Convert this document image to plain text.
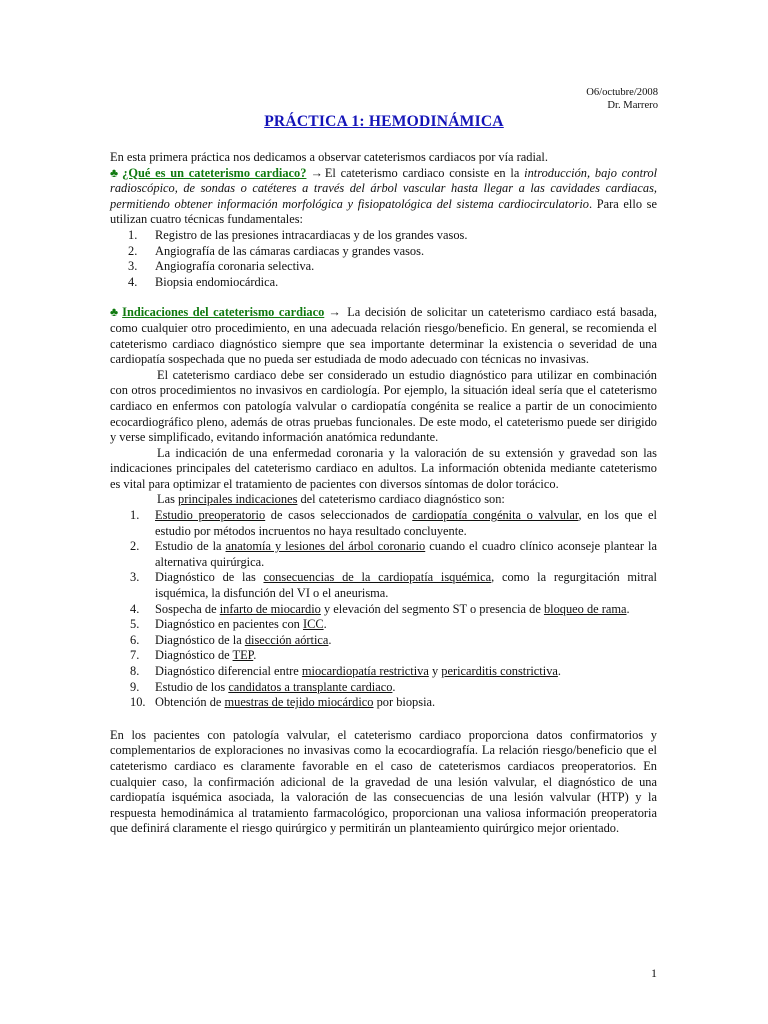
O6/octubre/2008
Dr. Marrero
PRÁCTICA 1: HEMODINÁMICA

En esta primera práctica nos dedicamos a observar cateterismos cardiacos por vía radial.

♣ ¿Qué es un cateterismo cardiaco? → El cateterismo cardiaco consiste en la introducción, bajo control radioscópico, de sondas o catéteres a través del árbol vascular hasta llegar a las cavidades cardiacas, permitiendo obtener información morfológica y fisiopatológica del sistema cardiocirculatorio. Para ello se utilizan cuatro técnicas fundamentales:

1.	Registro de las presiones intracardiacas y de los grandes vasos.
2.	Angiografía de las cámaras cardiacas y grandes vasos.
3.	Angiografía coronaria selectiva.
4.	Biopsia endomiocárdica.

♣ Indicaciones del cateterismo cardiaco → La decisión de solicitar un cateterismo cardiaco está basada, como cualquier otro procedimiento, en una adecuada relación riesgo/beneficio. En general, se recomienda el cateterismo cardiaco diagnóstico siempre que sea importante determinar la existencia o severidad de una cardiopatía sospechada que no pueda ser estudiada de modo adecuado con técnicas no invasivas.

El cateterismo cardiaco debe ser considerado un estudio diagnóstico para utilizar en combinación con otros procedimientos no invasivos en cardiología. Por ejemplo, la situación ideal sería que el cateterismo cardiaco en enfermos con patología valvular o cardiopatía congénita se realice a partir de un conocimiento ecocardiográfico pleno, además de otras pruebas funcionales. De este modo, el cateterismo puede ser dirigido y verse simplificado, evitando información anatómica redundante.

La indicación de una enfermedad coronaria y la valoración de su extensión y gravedad son las indicaciones principales del cateterismo cardiaco en adultos. La información obtenida mediante cateterismo es vital para optimizar el tratamiento de pacientes con diversos síntomas de dolor torácico.

Las principales indicaciones del cateterismo cardiaco diagnóstico son:

1.	Estudio preoperatorio de casos seleccionados de cardiopatía congénita o valvular, en los que el estudio por métodos incruentos no haya resultado concluyente.
2.	Estudio de la anatomía y lesiones del árbol coronario cuando el cuadro clínico aconseje plantear la alternativa quirúrgica.
3.	Diagnóstico de las consecuencias de la cardiopatía isquémica, como la regurgitación mitral isquémica, la disfunción del VI o el aneurisma.
4.	Sospecha de infarto de miocardio y elevación del segmento ST o presencia de bloqueo de rama.
5.	Diagnóstico en pacientes con ICC.
6.	Diagnóstico de la disección aórtica.
7.	Diagnóstico de TEP.
8.	Diagnóstico diferencial entre miocardiopatía restrictiva y pericarditis constrictiva.
9.	Estudio de los candidatos a transplante cardiaco.
10. Obtención de muestras de tejido miocárdico por biopsia.

En los pacientes con patología valvular, el cateterismo cardiaco proporciona datos confirmatorios y complementarios de exploraciones no invasivas como la ecocardiografía. La relación riesgo/beneficio que el cateterismo cardiaco es claramente favorable en el caso de cateterismos cardiacos preoperatorios. En cualquier caso, la confirmación adicional de la gravedad de una lesión valvular, el diagnóstico de una cardiopatía isquémica asociada, la valoración de las consecuencias de una lesión valvular (HTP) y la respuesta hemodinámica al tratamiento farmacológico, proporcionan una valiosa información preoperatoria que definirá claramente el riesgo quirúrgico y permitirán un planteamiento quirúrgico mejor orientado.

1
